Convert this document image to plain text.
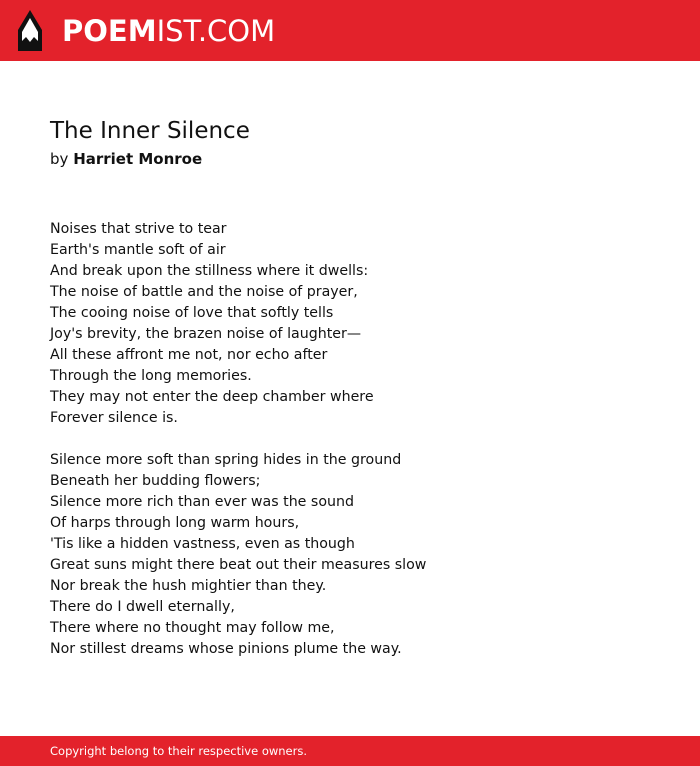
POEMIST.COM
The Inner Silence
by Harriet Monroe
Noises that strive to tear
Earth's mantle soft of air
And break upon the stillness where it dwells:
The noise of battle and the noise of prayer,
The cooing noise of love that softly tells
Joy's brevity, the brazen noise of laughter—
All these affront me not, nor echo after
Through the long memories.
They may not enter the deep chamber where
Forever silence is.
Silence more soft than spring hides in the ground
Beneath her budding flowers;
Silence more rich than ever was the sound
Of harps through long warm hours,
'Tis like a hidden vastness, even as though
Great suns might there beat out their measures slow
Nor break the hush mightier than they.
There do I dwell eternally,
There where no thought may follow me,
Nor stillest dreams whose pinions plume the way.
Copyright belong to their respective owners.
